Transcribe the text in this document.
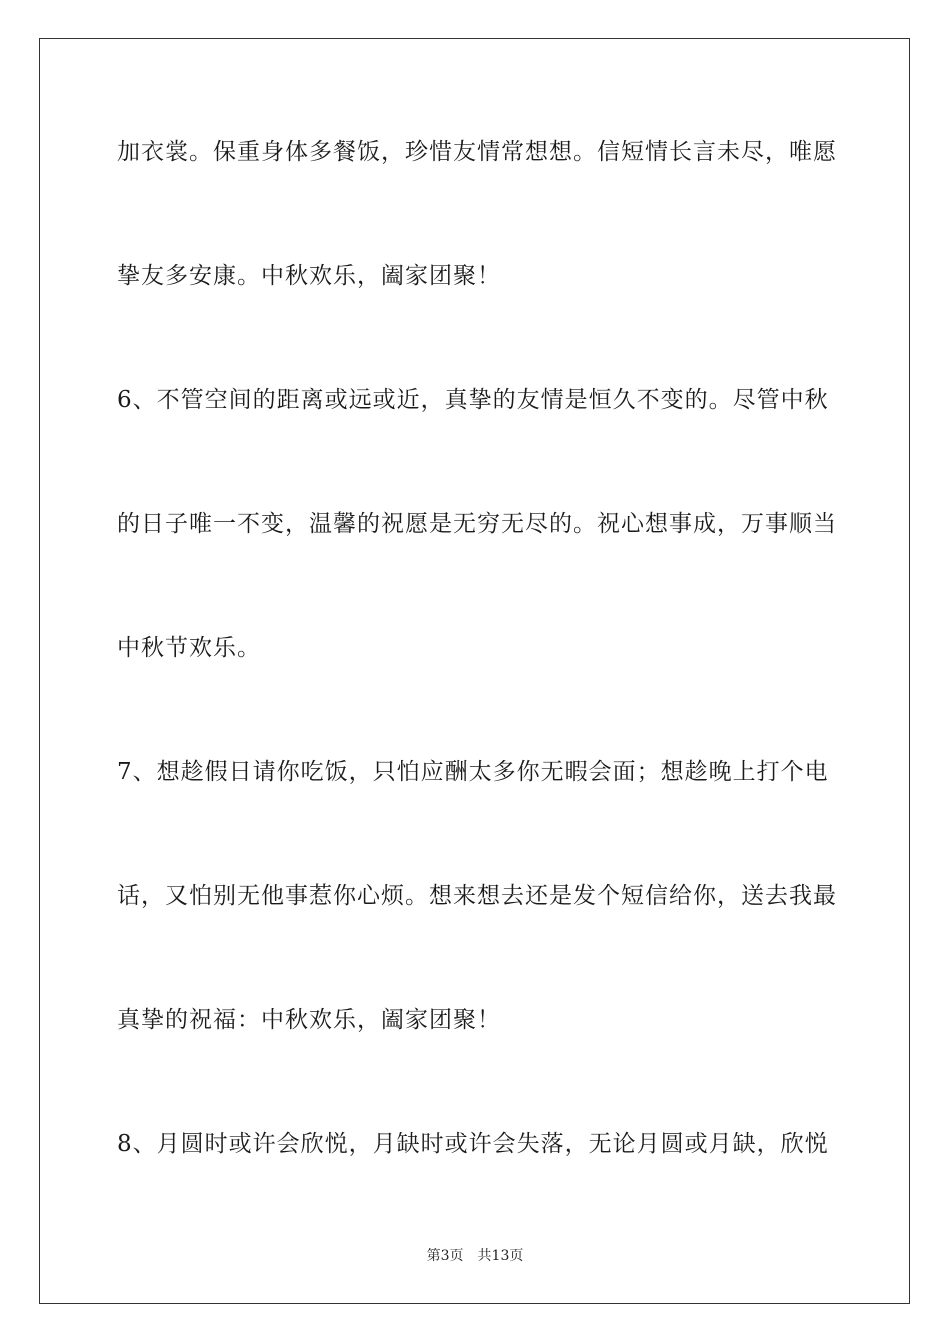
加衣裳。保重身体多餐饭，珍惜友情常想想。信短情长言未尽，唯愿
挚友多安康。中秋欢乐，阖家团聚！
6、不管空间的距离或远或近，真挚的友情是恒久不变的。尽管中秋
的日子唯一不变，温馨的祝愿是无穷无尽的。祝心想事成，万事顺当
中秋节欢乐。
7、想趁假日请你吃饭，只怕应酬太多你无暇会面；想趁晚上打个电
话，又怕别无他事惹你心烦。想来想去还是发个短信给你，送去我最
真挚的祝福：中秋欢乐，阖家团聚！
8、月圆时或许会欣悦，月缺时或许会失落，无论月圆或月缺，欣悦
第3页 共13页
